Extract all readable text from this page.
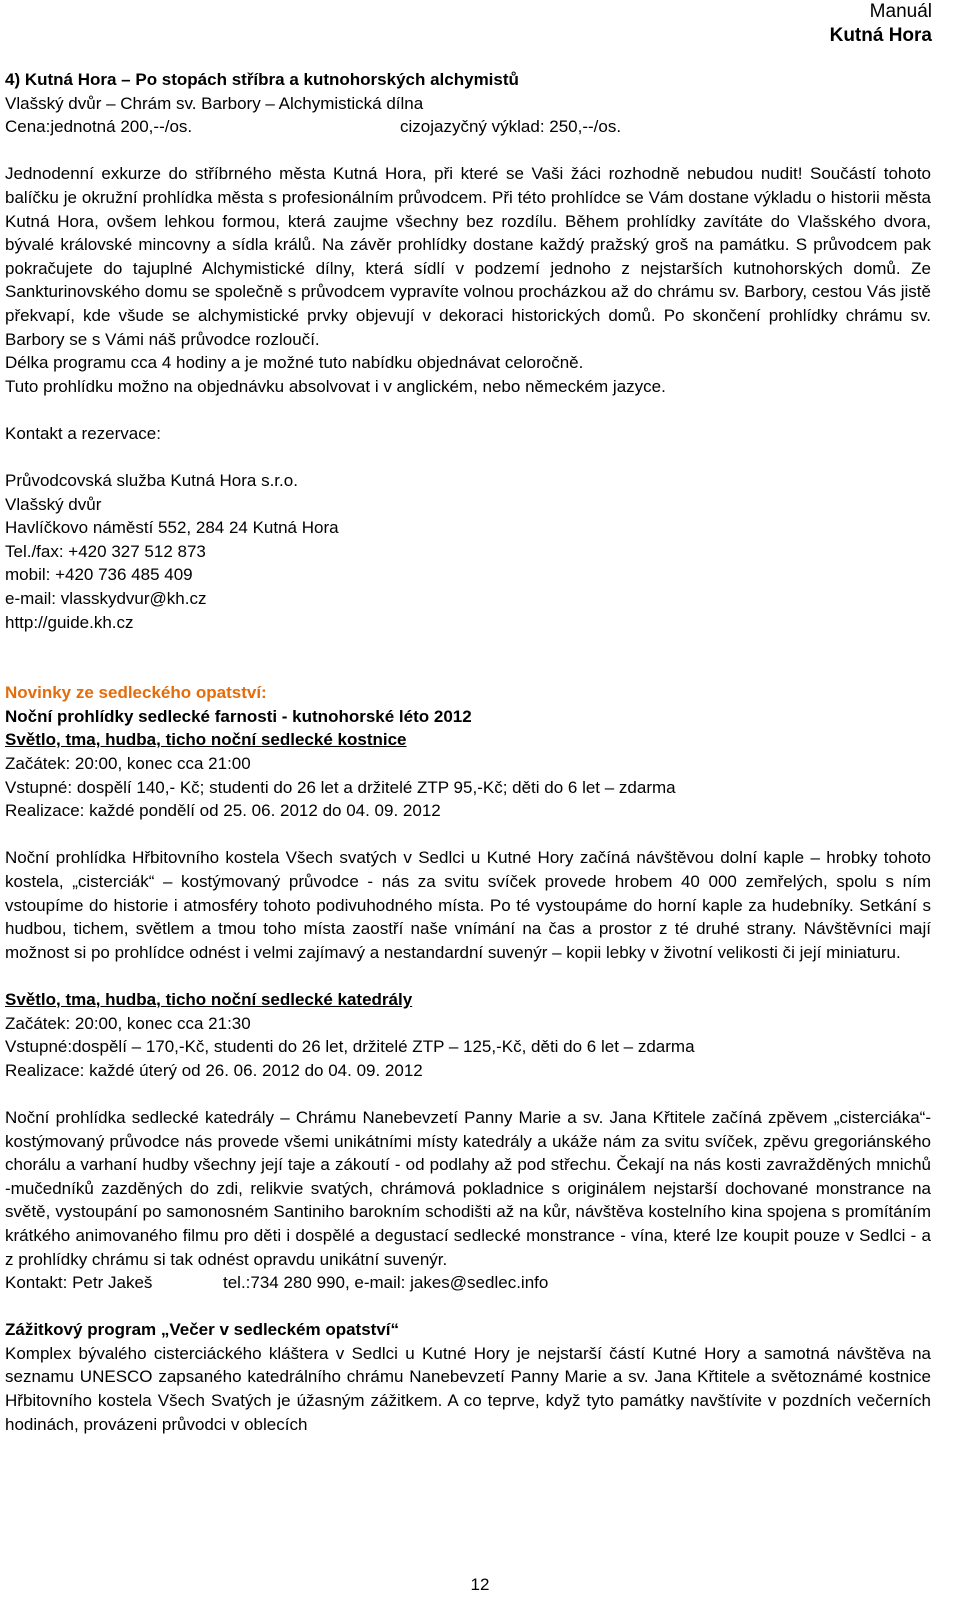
Manuál
Kutná Hora

4) Kutná Hora – Po stopách stříbra a kutnohorských alchymistů

Vlašský dvůr – Chrám sv. Barbory – Alchymistická dílna

Cena:jednotná 200,--/os.	cizojazyčný výklad: 250,--/os.

Jednodenní exkurze do stříbrného města Kutná Hora, při které se Vaši žáci rozhodně nebudou nudit! Součástí tohoto balíčku je okružní prohlídka města s profesionálním průvodcem. Při této prohlídce se Vám dostane výkladu o historii města Kutná Hora, ovšem lehkou formou, která zaujme všechny bez rozdílu. Během prohlídky zavítáte do Vlašského dvora, bývalé královské mincovny a sídla králů. Na závěr prohlídky dostane každý pražský groš na památku. S průvodcem pak pokračujete do tajuplné Alchymistické dílny, která sídlí v podzemí jednoho z nejstarších kutnohorských domů. Ze Sankturinovského domu se společně s průvodcem vypravíte volnou procházkou až do chrámu sv. Barbory, cestou Vás jistě překvapí, kde všude se alchymistické prvky objevují v dekoraci historických domů. Po skončení prohlídky chrámu sv. Barbory se s Vámi náš průvodce rozloučí.

Délka programu cca 4 hodiny a je možné tuto nabídku objednávat celoročně.

Tuto prohlídku možno na objednávku absolvovat i v anglickém, nebo německém jazyce.

Kontakt a rezervace:

Průvodcovská služba Kutná Hora s.r.o.

Vlašský dvůr

Havlíčkovo náměstí 552, 284 24 Kutná Hora

Tel./fax: +420 327 512 873

mobil: +420 736 485 409

e-mail: vlasskydvur@kh.cz

http://guide.kh.cz

Novinky ze sedleckého opatství:

Noční prohlídky sedlecké farnosti - kutnohorské léto 2012

Světlo, tma, hudba, ticho noční sedlecké kostnice

Začátek: 20:00, konec cca 21:00

Vstupné: dospělí 140,- Kč; studenti do 26 let a držitelé ZTP 95,-Kč; děti do 6 let – zdarma

Realizace: každé pondělí od 25. 06. 2012 do 04. 09. 2012

Noční prohlídka Hřbitovního kostela Všech svatých v Sedlci u Kutné Hory začíná návštěvou dolní kaple – hrobky tohoto kostela, „cisterciák“ – kostýmovaný průvodce - nás za svitu svíček provede hrobem 40 000 zemřelých, spolu s ním vstoupíme do historie i atmosféry tohoto podivuhodného místa. Po té vystoupáme do horní kaple za hudebníky. Setkání s hudbou, tichem, světlem a tmou toho místa zaostří naše vnímání na čas a prostor z té druhé strany. Návštěvníci mají možnost si po prohlídce odnést i velmi zajímavý a nestandardní suvenýr – kopii lebky v životní velikosti či její miniaturu.

Světlo, tma, hudba, ticho noční sedlecké katedrály

Začátek: 20:00, konec cca 21:30

Vstupné:dospělí – 170,-Kč, studenti do 26 let, držitelé ZTP – 125,-Kč, děti do 6 let – zdarma

Realizace: každé úterý od 26. 06. 2012 do 04. 09. 2012

Noční prohlídka sedlecké katedrály – Chrámu Nanebevzetí Panny Marie a sv. Jana Křtitele začíná zpěvem „cisterciáka“- kostýmovaný průvodce nás provede všemi unikátními místy katedrály a ukáže nám za svitu svíček, zpěvu gregoriánského chorálu a varhaní hudby všechny její taje a zákoutí - od podlahy až pod střechu. Čekají na nás kosti zavražděných mnichů -mučedníků zazděných do zdi, relikvie svatých, chrámová pokladnice s originálem nejstarší dochované monstrance na světě, vystoupání po samonosném Santiniho barokním schodišti až na kůr, návštěva kostelního kina spojena s promítáním krátkého animovaného filmu pro děti i dospělé a degustací sedlecké monstrance - vína, které lze koupit pouze v Sedlci - a z prohlídky chrámu si tak odnést opravdu unikátní suvenýr.

Kontakt: Petr Jakeš	tel.:734 280 990, e-mail: jakes@sedlec.info

Zážitkový program „Večer v sedleckém opatství“

Komplex bývalého cisterciáckého kláštera v Sedlci u Kutné Hory je nejstarší částí Kutné Hory a samotná návštěva na seznamu UNESCO zapsaného katedrálního chrámu Nanebevzetí Panny Marie a sv. Jana Křtitele a světoznámé kostnice Hřbitovního kostela Všech Svatých je úžasným zážitkem. A co teprve, když tyto památky navštívite v pozdních večerních hodinách, provázeni průvodci v oblecích

12
